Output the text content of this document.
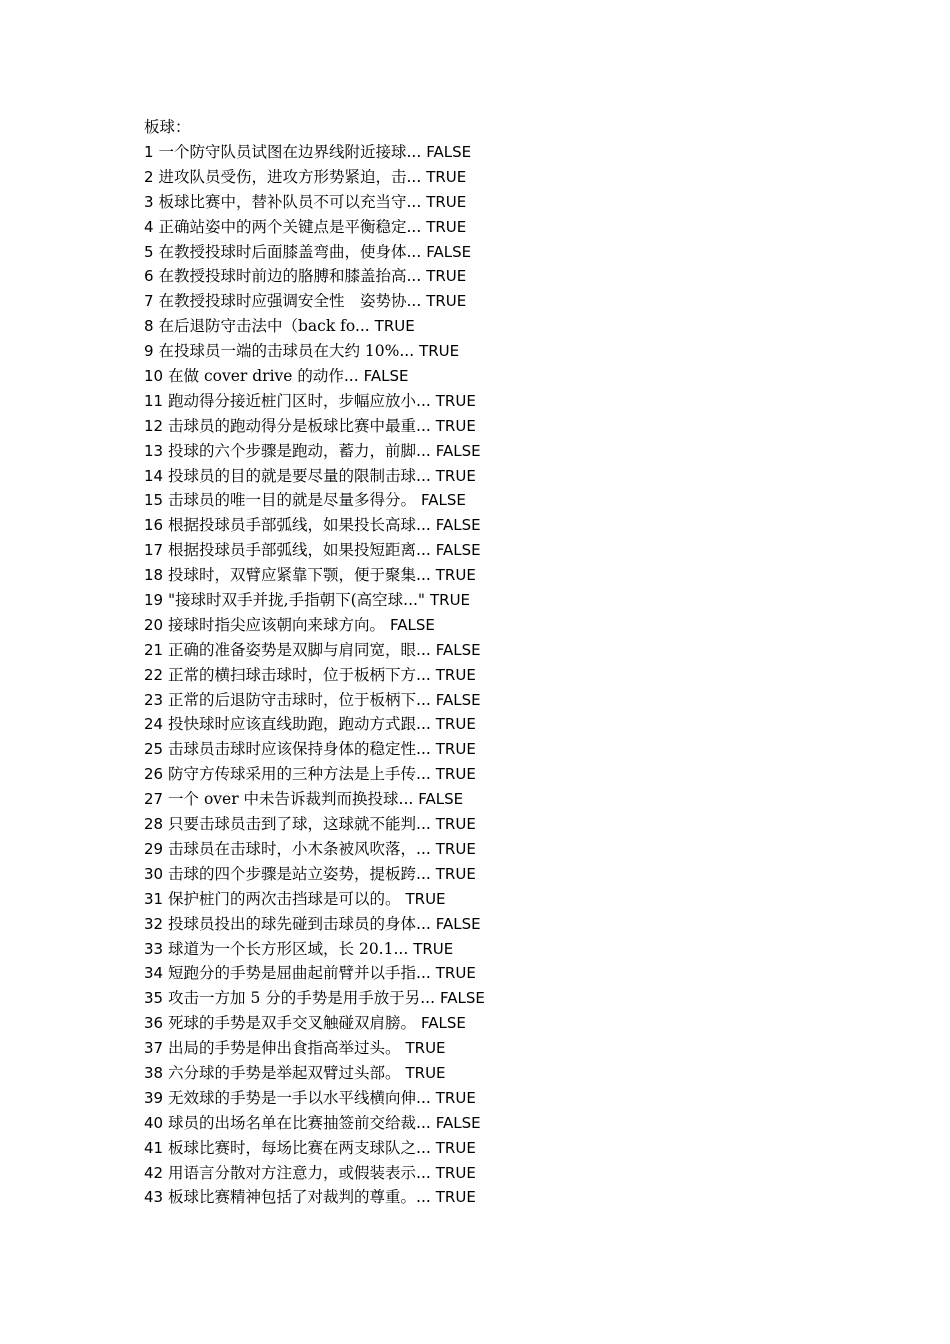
板球：
1 一个防守队员试图在边界线附近接球... FALSE
2 进攻队员受伤，进攻方形势紧迫，击... TRUE
3 板球比赛中，替补队员不可以充当守... TRUE
4 正确站姿中的两个关键点是平衡稳定... TRUE
5 在教授投球时后面膝盖弯曲，使身体... FALSE
6 在教授投球时前边的胳膊和膝盖抬高... TRUE
7 在教授投球时应强调安全性　姿势协... TRUE
8 在后退防守击法中（back fo... TRUE
9 在投球员一端的击球员在大约 10%... TRUE
10 在做 cover drive 的动作... FALSE
11 跑动得分接近桩门区时，步幅应放小... TRUE
12 击球员的跑动得分是板球比赛中最重... TRUE
13 投球的六个步骤是跑动，蓄力，前脚... FALSE
14 投球员的目的就是要尽量的限制击球... TRUE
15 击球员的唯一目的就是尽量多得分。 FALSE
16 根据投球员手部弧线，如果投长高球... FALSE
17 根据投球员手部弧线，如果投短距离... FALSE
18 投球时，双臂应紧靠下颚，便于聚集... TRUE
19 "接球时双手并拢,手指朝下(高空球..." TRUE
20 接球时指尖应该朝向来球方向。 FALSE
21 正确的准备姿势是双脚与肩同宽，眼... FALSE
22 正常的横扫球击球时，位于板柄下方... TRUE
23 正常的后退防守击球时，位于板柄下... FALSE
24 投快球时应该直线助跑，跑动方式跟... TRUE
25 击球员击球时应该保持身体的稳定性... TRUE
26 防守方传球采用的三种方法是上手传... TRUE
27 一个 over 中未告诉裁判而换投球... FALSE
28 只要击球员击到了球，这球就不能判... TRUE
29 击球员在击球时，小木条被风吹落，... TRUE
30 击球的四个步骤是站立姿势，提板跨... TRUE
31 保护桩门的两次击挡球是可以的。 TRUE
32 投球员投出的球先碰到击球员的身体... FALSE
33 球道为一个长方形区域，长 20.1... TRUE
34 短跑分的手势是屈曲起前臂并以手指... TRUE
35 攻击一方加 5 分的手势是用手放于另... FALSE
36 死球的手势是双手交叉触碰双肩膀。 FALSE
37 出局的手势是伸出食指高举过头。 TRUE
38 六分球的手势是举起双臂过头部。 TRUE
39 无效球的手势是一手以水平线横向伸... TRUE
40 球员的出场名单在比赛抽签前交给裁... FALSE
41 板球比赛时，每场比赛在两支球队之... TRUE
42 用语言分散对方注意力，或假装表示... TRUE
43 板球比赛精神包括了对裁判的尊重。... TRUE
